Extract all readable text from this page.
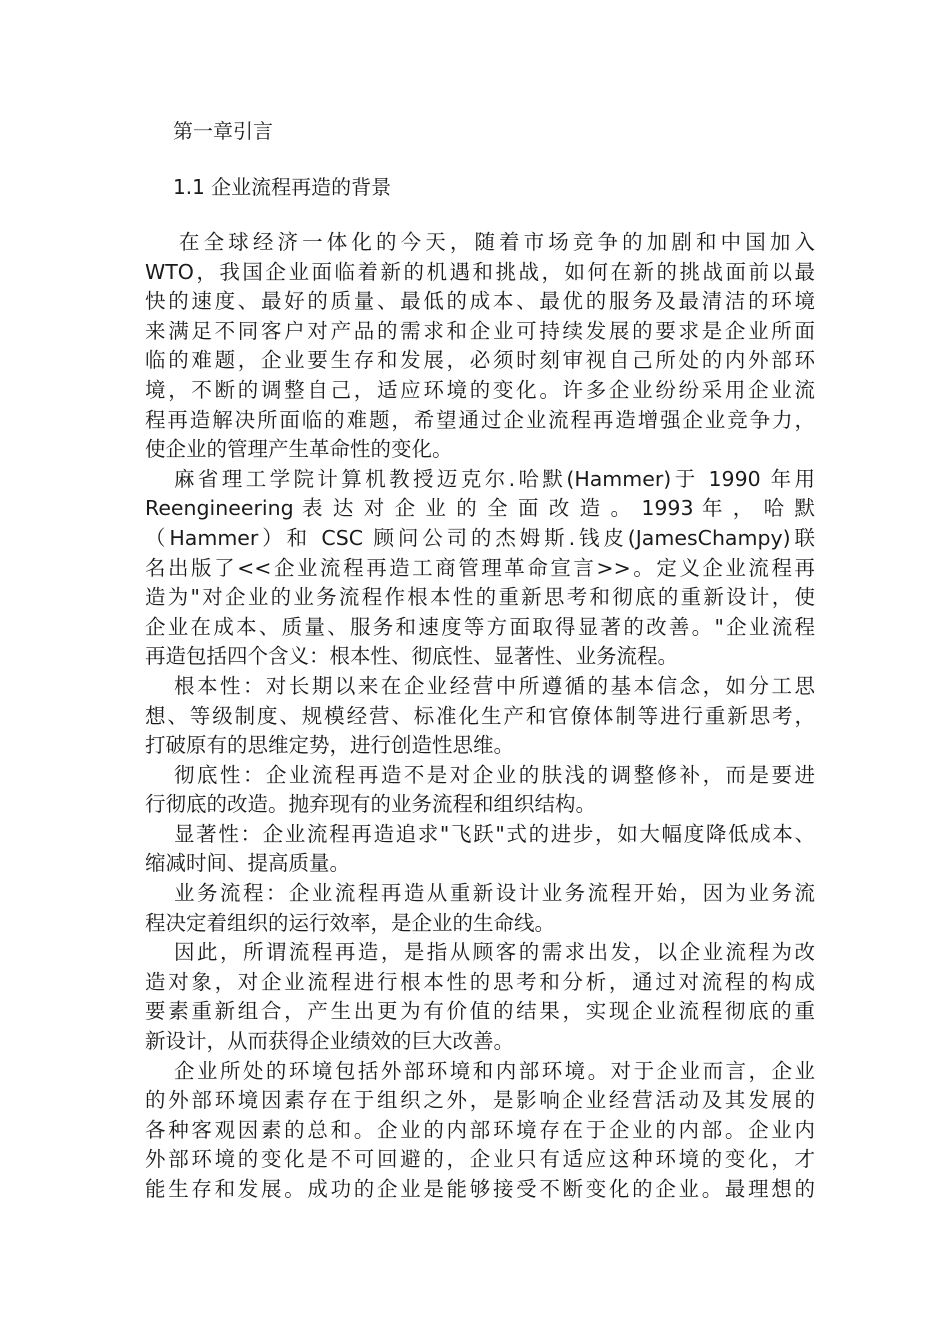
第一章引言
1.1 企业流程再造的背景
在全球经济一体化的今天，随着市场竞争的加剧和中国加入
WTO，我国企业面临着新的机遇和挑战，如何在新的挑战面前以最
快的速度、最好的质量、最低的成本、最优的服务及最清洁的环境
来满足不同客户对产品的需求和企业可持续发展的要求是企业所面
临的难题，企业要生存和发展，必须时刻审视自己所处的内外部环
境，不断的调整自己，适应环境的变化。许多企业纷纷采用企业流
程再造解决所面临的难题，希望通过企业流程再造增强企业竞争力，
使企业的管理产生革命性的变化。
麻省理工学院计算机教授迈克尔.哈默(Hammer)于 1990 年用
Reengineering 表 达 对 企 业 的 全 面 改 造 。 1993 年 ， 哈 默
（Hammer）和 CSC 顾问公司的杰姆斯.钱皮(JamesChampy)联
名出版了<<企业流程再造工商管理革命宣言>>。定义企业流程再
造为"对企业的业务流程作根本性的重新思考和彻底的重新设计，使
企业在成本、质量、服务和速度等方面取得显著的改善。"企业流程
再造包括四个含义：根本性、彻底性、显著性、业务流程。
根本性：对长期以来在企业经营中所遵循的基本信念，如分工思
想、等级制度、规模经营、标准化生产和官僚体制等进行重新思考，
打破原有的思维定势，进行创造性思维。
彻底性：企业流程再造不是对企业的肤浅的调整修补，而是要进
行彻底的改造。抛弃现有的业务流程和组织结构。
显著性：企业流程再造追求"飞跃"式的进步，如大幅度降低成本、
缩减时间、提高质量。
业务流程：企业流程再造从重新设计业务流程开始，因为业务流
程决定着组织的运行效率，是企业的生命线。
因此，所谓流程再造，是指从顾客的需求出发，以企业流程为改
造对象，对企业流程进行根本性的思考和分析，通过对流程的构成
要素重新组合，产生出更为有价值的结果，实现企业流程彻底的重
新设计，从而获得企业绩效的巨大改善。
企业所处的环境包括外部环境和内部环境。对于企业而言，企业
的外部环境因素存在于组织之外，是影响企业经营活动及其发展的
各种客观因素的总和。企业的内部环境存在于企业的内部。企业内
外部环境的变化是不可回避的，企业只有适应这种环境的变化，才
能生存和发展。成功的企业是能够接受不断变化的企业。最理想的
